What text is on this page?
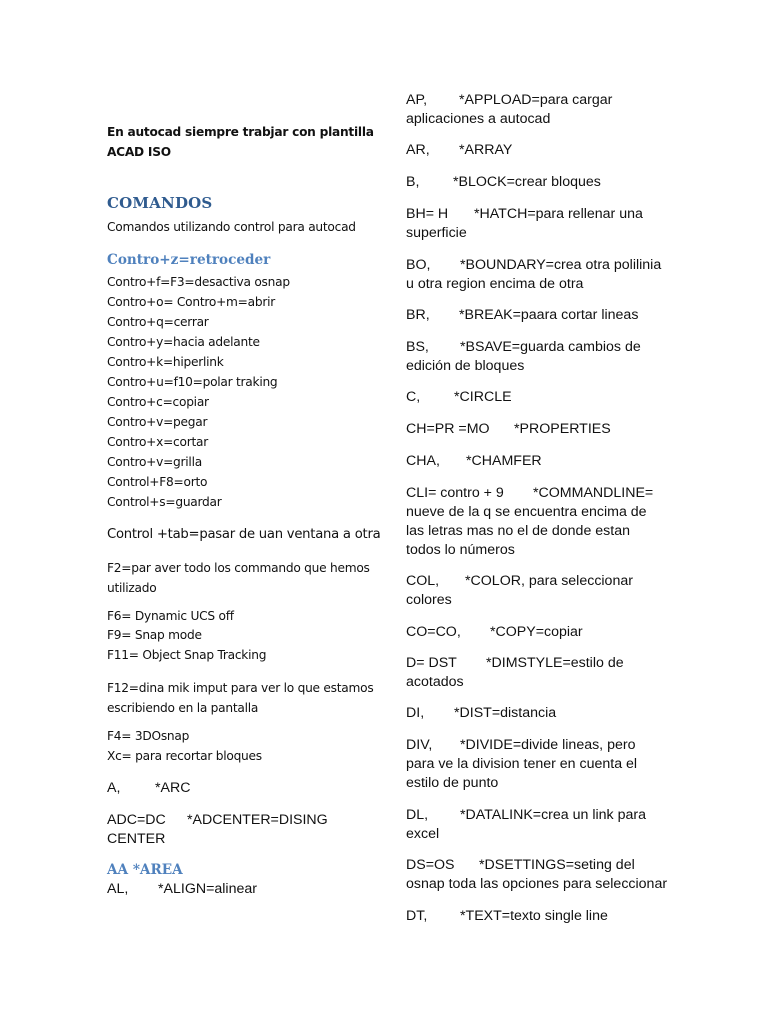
En autocad siempre trabjar con plantilla
ACAD ISO
COMANDOS
Comandos utilizando control para autocad
Contro+z=retroceder
Contro+f=F3=desactiva osnap
Contro+o= Contro+m=abrir
Contro+q=cerrar
Contro+y=hacia adelante
Contro+k=hiperlink
Contro+u=f10=polar traking
Contro+c=copiar
Contro+v=pegar
Contro+x=cortar
Contro+v=grilla
Control+F8=orto
Control+s=guardar
Control +tab=pasar de uan ventana a otra
F2=par aver todo los commando que hemos
utilizado
F6= Dynamic UCS off
F9= Snap mode
F11= Object Snap Tracking
F12=dina mik imput para ver lo que estamos
escribiendo en la pantalla
F4= 3DOsnap
Xc= para recortar bloques
A, *ARC
ADC=DC *ADCENTER=DISING
CENTER
AA *AREA
AL, *ALIGN=alinear
AP, *APPLOAD=para cargar
aplicaciones a autocad
AR, *ARRAY
B, *BLOCK=crear bloques
BH= H *HATCH=para rellenar una
superficie
BO, *BOUNDARY=crea otra polilinia
u otra region encima de otra
BR, *BREAK=paara cortar lineas
BS, *BSAVE=guarda cambios de
edición de bloques
C, *CIRCLE
CH=PR =MO *PROPERTIES
CHA, *CHAMFER
CLI= contro + 9 *COMMANDLINE=
nueve de la q se encuentra encima de
las letras mas no el de donde estan
todos lo números
COL, *COLOR, para seleccionar
colores
CO=CO, *COPY=copiar
D= DST *DIMSTYLE=estilo de
acotados
DI, *DIST=distancia
DIV, *DIVIDE=divide lineas, pero
para ve la division tener en cuenta el
estilo de punto
DL, *DATALINK=crea un link para
excel
DS=OS *DSETTINGS=seting del
osnap toda las opciones para seleccionar
DT, *TEXT=texto single line
